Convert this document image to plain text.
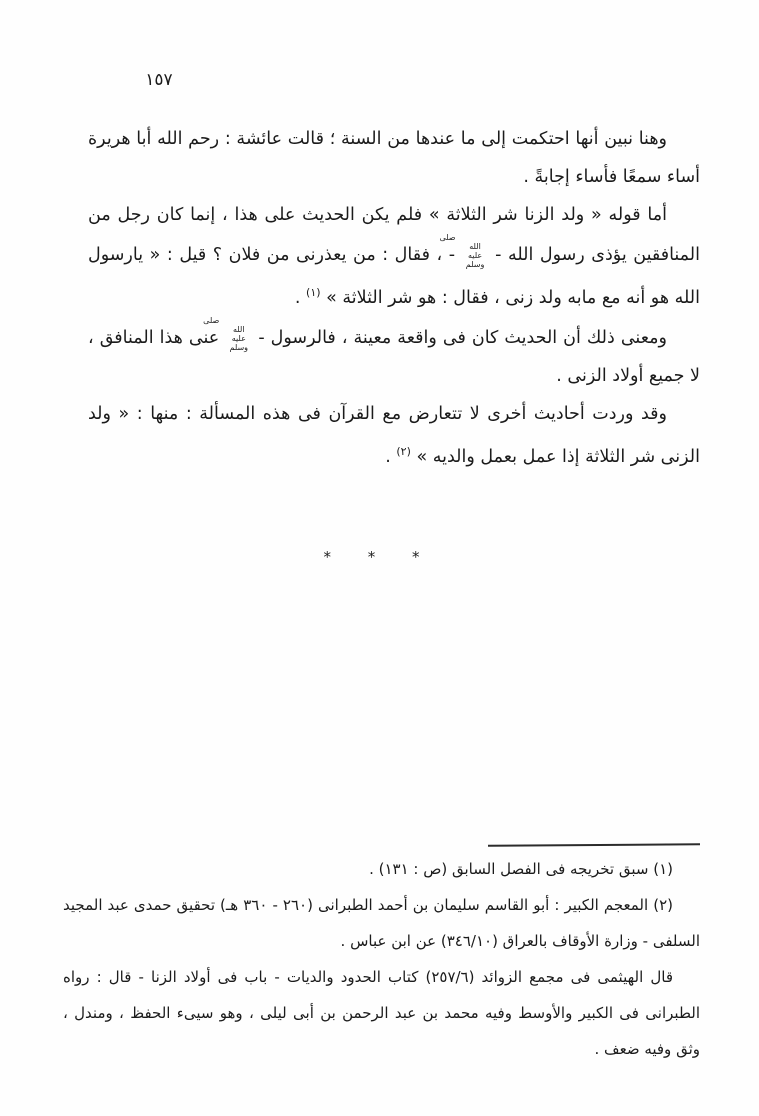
١٥٧

وهنا نبين أنها احتكمت إلى ما عندها من السنة ؛ قالت عائشة : رحم الله أبا هريرة أساء سمعًا فأساء إجابةً .

أما قوله « ولد الزنا شر الثلاثة » فلم يكن الحديث على هذا ، إنما كان رجل من المنافقين يؤذى رسول الله - صلى الله عليه وسلم - ، فقال : من يعذرنى من فلان ؟ قيل : « يارسول الله هو أنه مع مابه ولد زنى ، فقال : هو شر الثلاثة » $^{(١)}$ .

ومعنى ذلك أن الحديث كان فى واقعة معينة ، فالرسول - صلى الله عليه وسلم عنى هذا المنافق ، لا جميع أولاد الزنى .

وقد وردت أحاديث أخرى لا تتعارض مع القرآن فى هذه المسألة : منها : « ولد الزنى شر الثلاثة إذا عمل بعمل والديه » $^{(٢)}$ .

* * *

(١) سبق تخريجه فى الفصل السابق (ص : ١٣١) .

(٢) المعجم الكبير : أبو القاسم سليمان بن أحمد الطبرانى (٢٦٠ - ٣٦٠ هـ) تحقيق حمدى عبد المجيد السلفى - وزارة الأوقاف بالعراق (٣٤٦/١٠) عن ابن عباس .

قال الهيثمى فى مجمع الزوائد (٢٥٧/٦) كتاب الحدود والديات - باب فى أولاد الزنا - قال : رواه الطبرانى فى الكبير والأوسط وفيه محمد بن عبد الرحمن بن أبى ليلى ، وهو سيىء الحفظ ، ومندل ، وثق وفيه ضعف .
